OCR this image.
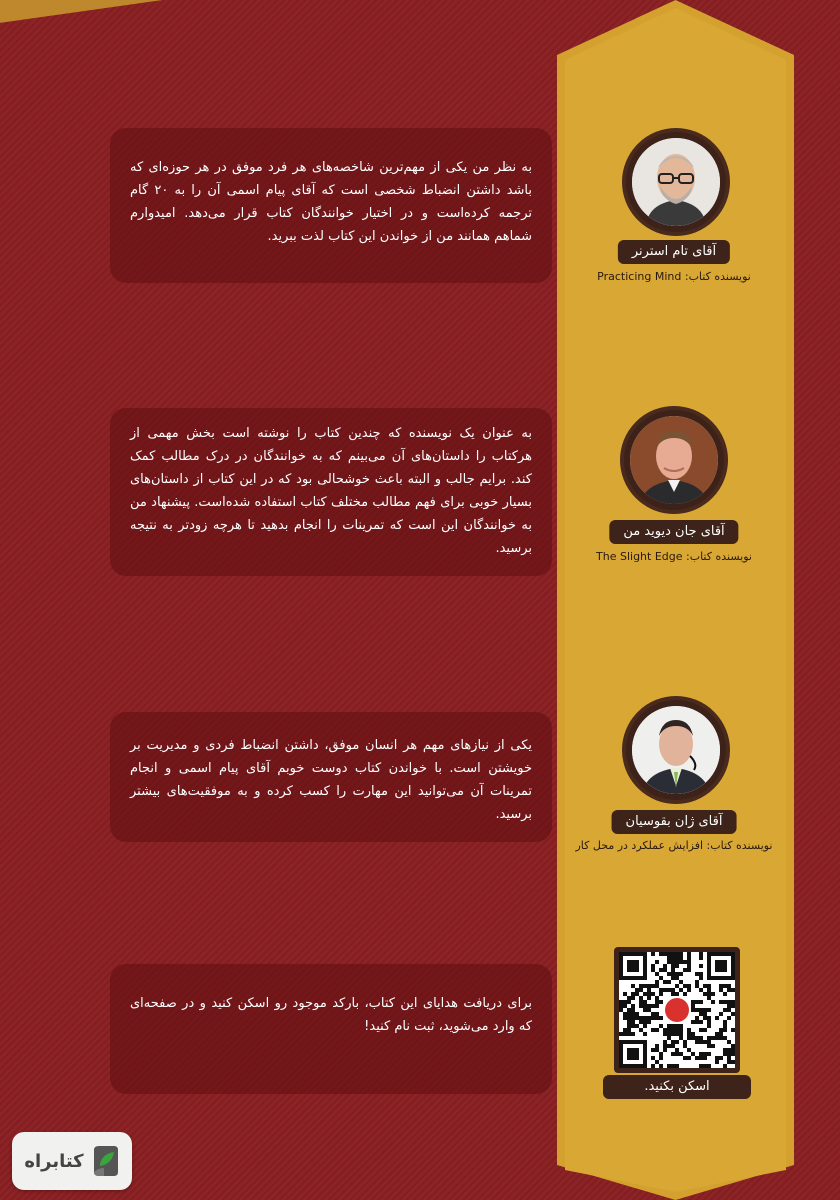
به نظر من یکی از مهم‌ترین شاخصه‌های هر فرد موفق در هر حوزه‌ای که باشد داشتن انضباط شخصی است که آقای پیام اسمی آن را به ۲۰ گام ترجمه کرده‌است و در اختیار خوانندگان کتاب قرار می‌دهد. امیدوارم شماهم همانند من از خواندن این کتاب لذت ببرید.
آقای تام استرنر
نویسنده کتاب: Practicing Mind
به عنوان یک نویسنده که چندین کتاب را نوشته است بخش مهمی از هرکتاب را داستان‌های آن می‌بینم که به خوانندگان در درک مطالب کمک کند. برایم جالب و البته باعث خوشحالی بود که در این کتاب از داستان‌های بسیار خوبی برای فهم مطالب مختلف کتاب استفاده شده‌است. پیشنهاد من به خوانندگان این است که تمرینات را انجام بدهید تا هرچه زودتر به نتیجه برسید.
آقای جان دیوید من
نویسنده کتاب: The Slight Edge
یکی از نیازهای مهم هر انسان موفق، داشتن انضباط فردی و مدیریت بر خویشتن است. با خواندن کتاب دوست خوبم آقای پیام اسمی و انجام تمرینات آن می‌توانید این مهارت را کسب کرده و به موفقیت‌های بیشتر برسید.	آقای ژان بقوسیان
نویسنده کتاب: افزایش عملکرد در محل کار
برای دریافت هدایای این کتاب، بارکد موجود رو اسکن کنید و در صفحه‌ای که وارد می‌شوید، ثبت نام کنید!
اسکن بکنید.
کتابراه
